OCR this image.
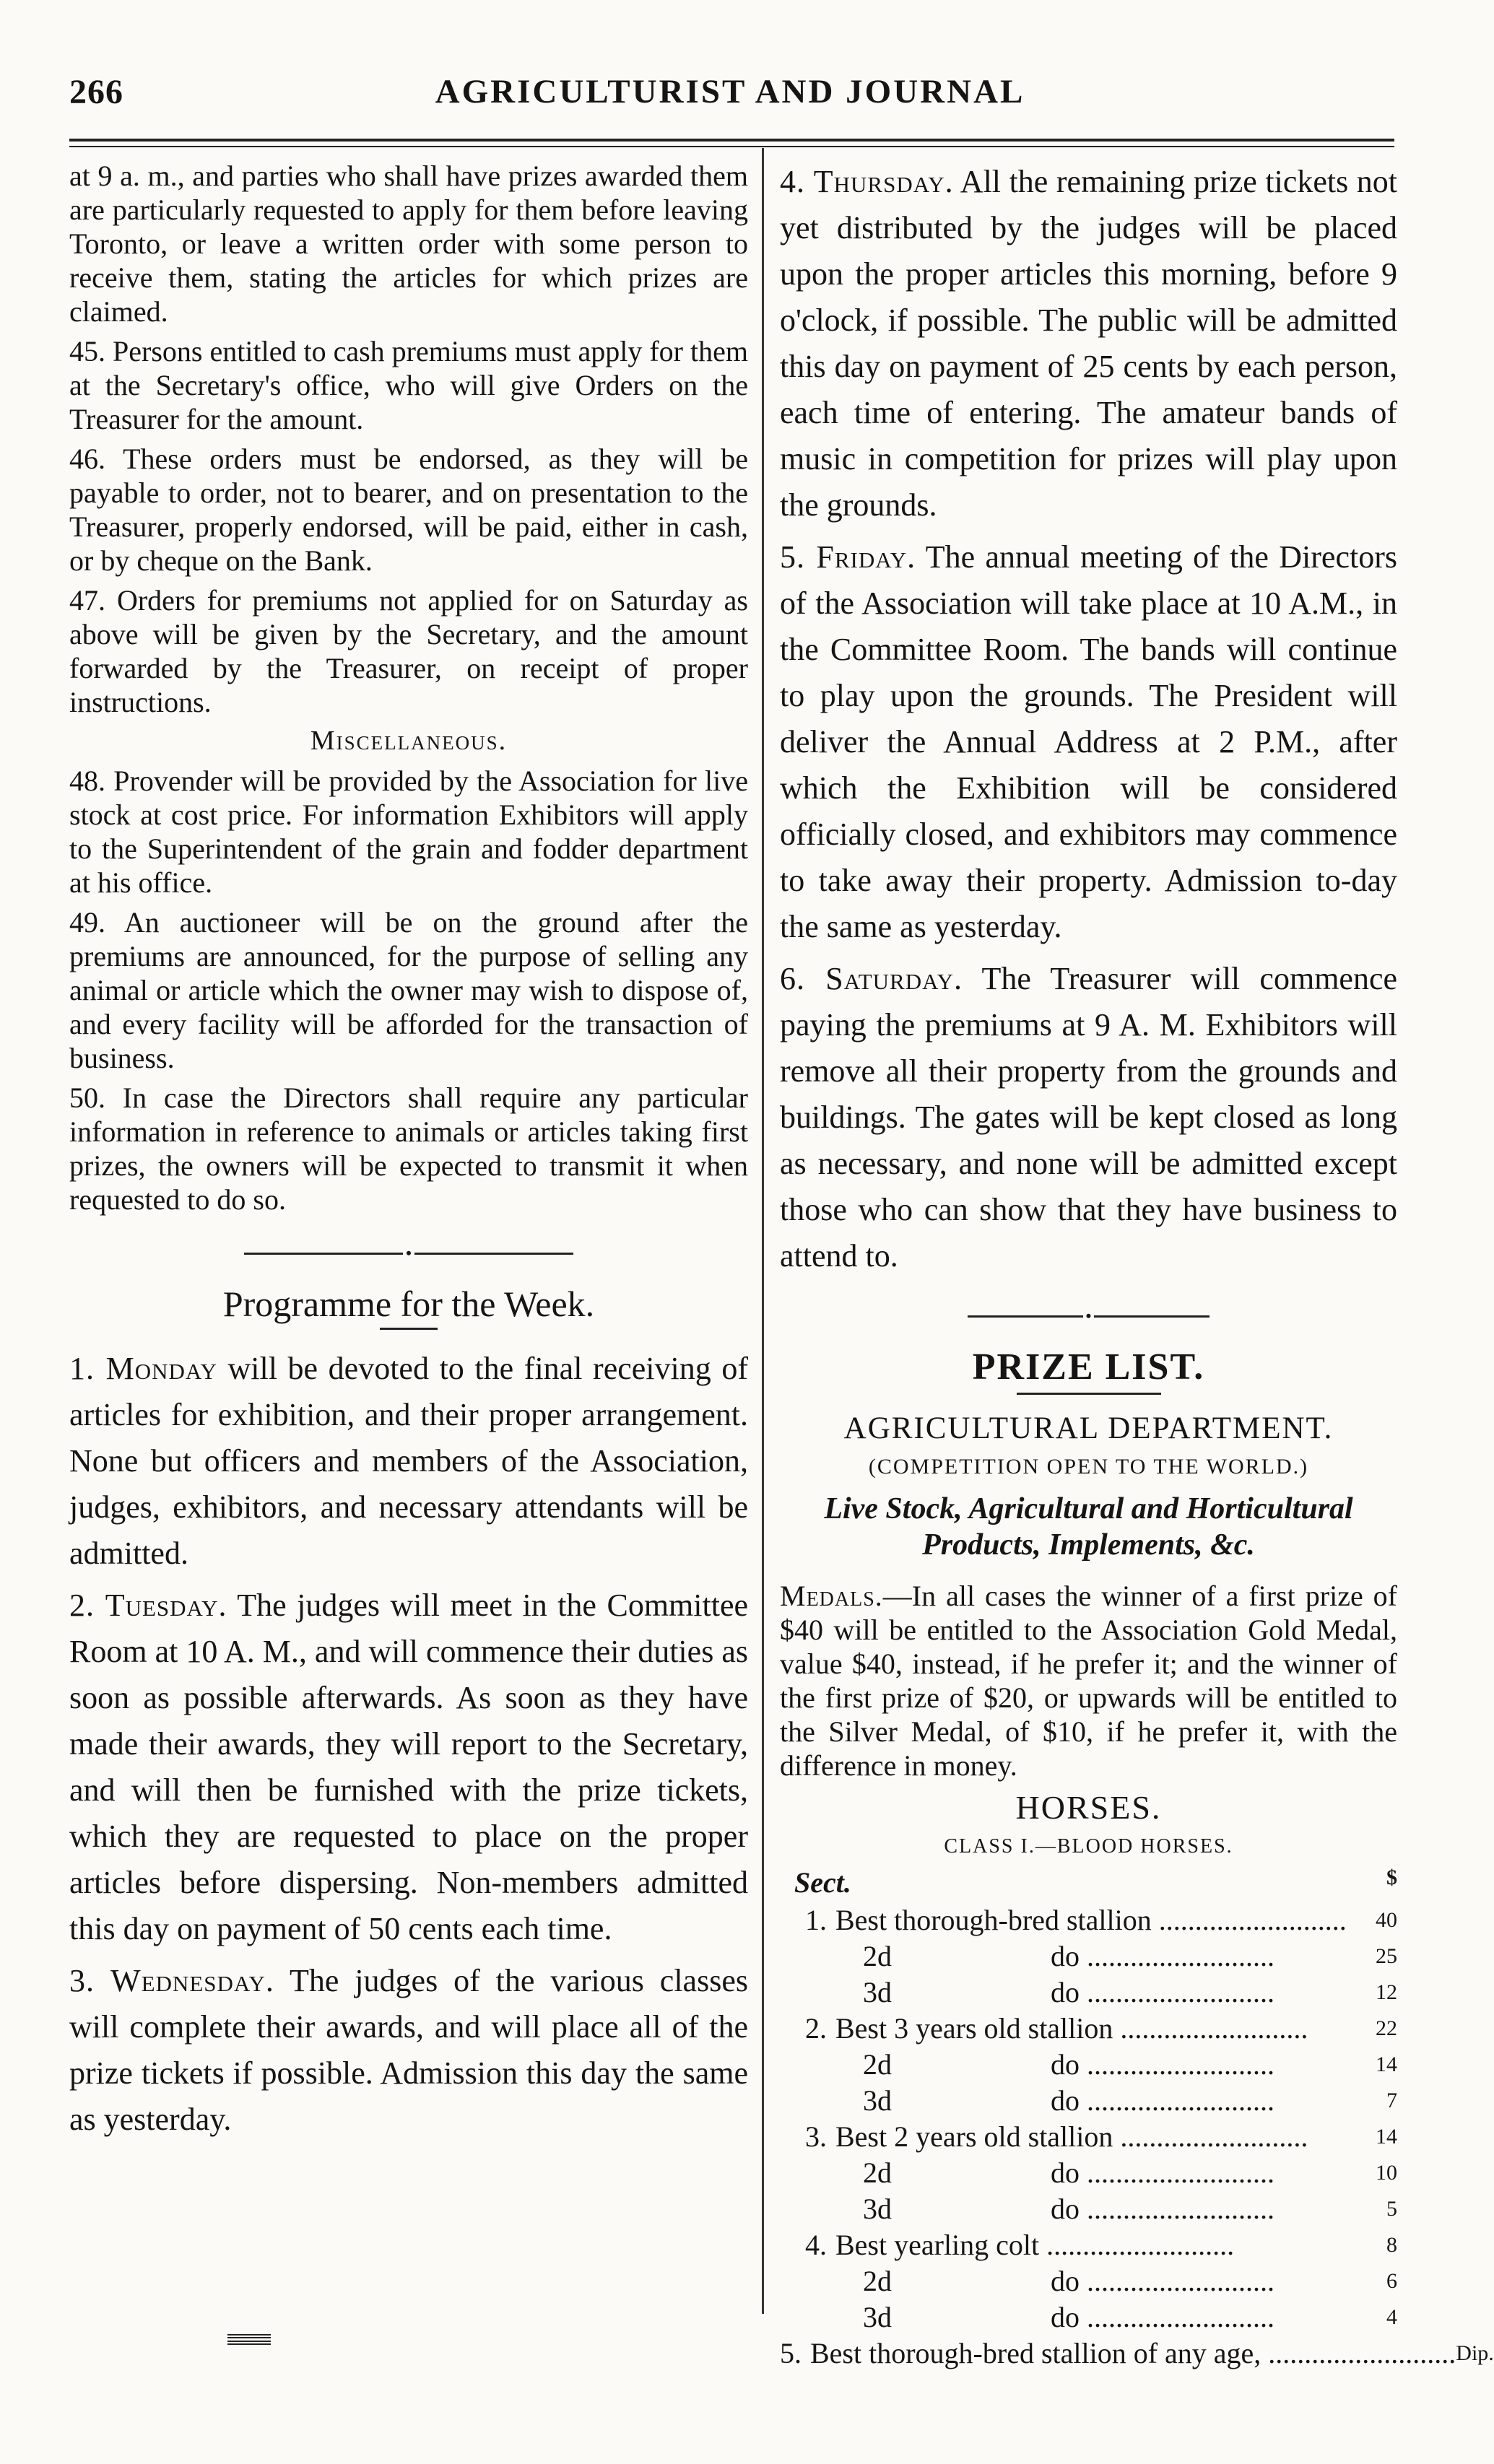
266	AGRICULTURIST AND JOURNAL

at 9 a. m., and parties who shall have prizes awarded them are particularly requested to apply for them before leaving Toronto, or leave a written order with some person to receive them, stating the articles for which prizes are claimed.

45. Persons entitled to cash premiums must apply for them at the Secretary's office, who will give Orders on the Treasurer for the amount.

46. These orders must be endorsed, as they will be payable to order, not to bearer, and on presentation to the Treasurer, properly endorsed, will be paid, either in cash, or by cheque on the Bank.

47. Orders for premiums not applied for on Saturday as above will be given by the Secretary, and the amount forwarded by the Treasurer, on receipt of proper instructions.

Miscellaneous.

48. Provender will be provided by the Association for live stock at cost price. For information Exhibitors will apply to the Superintendent of the grain and fodder department at his office.

49. An auctioneer will be on the ground after the premiums are announced, for the purpose of selling any animal or article which the owner may wish to dispose of, and every facility will be afforded for the transaction of business.

50. In case the Directors shall require any particular information in reference to animals or articles taking first prizes, the owners will be expected to transmit it when requested to do so.

•
Programme for the Week.

1. Monday will be devoted to the final receiving of articles for exhibition, and their proper arrangement. None but officers and members of the Association, judges, exhibitors, and necessary attendants will be admitted.

2. Tuesday. The judges will meet in the Committee Room at 10 A. M., and will commence their duties as soon as possible afterwards. As soon as they have made their awards, they will report to the Secretary, and will then be furnished with the prize tickets, which they are requested to place on the proper articles before dispersing. Non-members admitted this day on payment of 50 cents each time.

3. Wednesday. The judges of the various classes will complete their awards, and will place all of the prize tickets if possible. Admission this day the same as yesterday.

4. Thursday. All the remaining prize tickets not yet distributed by the judges will be placed upon the proper articles this morning, before 9 o'clock, if possible. The public will be admitted this day on payment of 25 cents by each person, each time of entering. The amateur bands of music in competition for prizes will play upon the grounds.

5. Friday. The annual meeting of the Directors of the Association will take place at 10 A.M., in the Committee Room. The bands will continue to play upon the grounds. The President will deliver the Annual Address at 2 P.M., after which the Exhibition will be considered officially closed, and exhibitors may commence to take away their property. Admission to-day the same as yesterday.

6. Saturday. The Treasurer will commence paying the premiums at 9 A. M. Exhibitors will remove all their property from the grounds and buildings. The gates will be kept closed as long as necessary, and none will be admitted except those who can show that they have business to attend to.

•
PRIZE LIST.
AGRICULTURAL DEPARTMENT.
(COMPETITION OPEN TO THE WORLD.)
Live Stock, Agricultural and Horticultural Products, Implements, &c.

Medals.—In all cases the winner of a first prize of $40 will be entitled to the Association Gold Medal, value $40, instead, if he prefer it; and the winner of the first prize of $20, or upwards will be entitled to the Silver Medal, of $10, if he prefer it, with the difference in money.

HORSES.
CLASS I.—BLOOD HORSES.
Sect.	$
1. Best thorough-bred stallion ..........................	40
2d	do ..........................	25
3d	do ..........................	12
2. Best 3 years old stallion ..........................	22
2d	do ..........................	14
3d	do ..........................	7
3. Best 2 years old stallion ..........................	14
2d	do ..........................	10
3d	do ..........................	5
4. Best yearling colt ..........................	8
2d	do ..........................	6
3d	do ..........................	4
5. Best thorough-bred stallion of any age, .......................... Dip.
